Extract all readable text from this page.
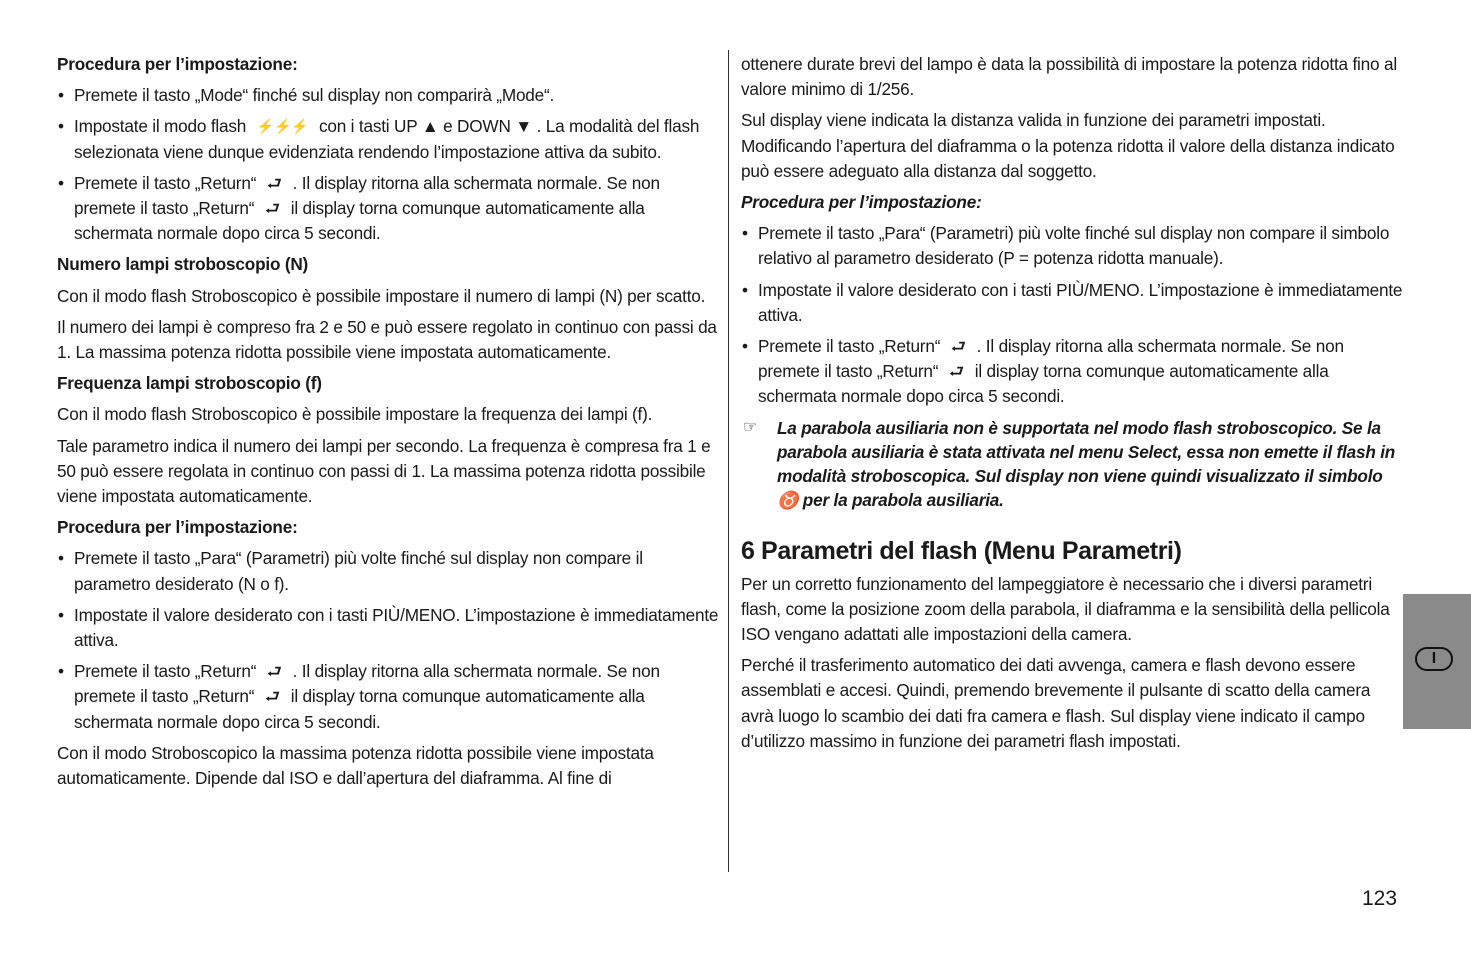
Procedura per l’impostazione:
• Premete il tasto „Mode“ finché sul display non comparirà „Mode“.
• Impostate il modo flash ⚡⚡⚡ con i tasti UP ▲ e DOWN ▼ . La modalità del flash selezionata viene dunque evidenziata rendendo l’impostazione attiva da subito.
• Premete il tasto „Return“ ⮐ . Il display ritorna alla schermata normale. Se non premete il tasto „Return“ ⮐ il display torna comunque automaticamente alla schermata normale dopo circa 5 secondi.
Numero lampi stroboscopio (N)
Con il modo flash Stroboscopico è possibile impostare il numero di lampi (N) per scatto.
Il numero dei lampi è compreso fra 2 e 50 e può essere regolato in continuo con passi da 1. La massima potenza ridotta possibile viene impostata automaticamente.
Frequenza lampi stroboscopio (f)
Con il modo flash Stroboscopico è possibile impostare la frequenza dei lampi (f).
Tale parametro indica il numero dei lampi per secondo. La frequenza è compresa fra 1 e 50 può essere regolata in continuo con passi di 1. La massima potenza ridotta possibile viene impostata automaticamente.
Procedura per l’impostazione:
• Premete il tasto „Para“ (Parametri) più volte finché sul display non compare il parametro desiderato (N o f).
• Impostate il valore desiderato con i tasti PIÙ/MENO. L’impostazione è immediatamente attiva.
• Premete il tasto „Return“ ⮐ . Il display ritorna alla schermata normale. Se non premete il tasto „Return“ ⮐ il display torna comunque automaticamente alla schermata normale dopo circa 5 secondi.
Con il modo Stroboscopico la massima potenza ridotta possibile viene impostata automaticamente. Dipende dal ISO e dall’apertura del diaframma. Al fine di
ottenere durate brevi del lampo è data la possibilità di impostare la potenza ridotta fino al valore minimo di 1/256.
Sul display viene indicata la distanza valida in funzione dei parametri impostati. Modificando l’apertura del diaframma o la potenza ridotta il valore della distanza indicato può essere adeguato alla distanza dal soggetto.
Procedura per l’impostazione:
• Premete il tasto „Para“ (Parametri) più volte finché sul display non compare il simbolo relativo al parametro desiderato (P = potenza ridotta manuale).
• Impostate il valore desiderato con i tasti PIÙ/MENO. L’impostazione è immediatamente attiva.
• Premete il tasto „Return“ ⮐ . Il display ritorna alla schermata normale. Se non premete il tasto „Return“ ⮐ il display torna comunque automaticamente alla schermata normale dopo circa 5 secondi.
☞ La parabola ausiliaria non è supportata nel modo flash stroboscopico. Se la parabola ausiliaria è stata attivata nel menu Select, essa non emette il flash in modalità stroboscopica. Sul display non viene quindi visualizzato il simbolo ♉ per la parabola ausiliaria.
6 Parametri del flash (Menu Parametri)
Per un corretto funzionamento del lampeggiatore è necessario che i diversi parametri flash, come la posizione zoom della parabola, il diaframma e la sensibilità della pellicola ISO vengano adattati alle impostazioni della camera.
Perché il trasferimento automatico dei dati avvenga, camera e flash devono essere assemblati e accesi. Quindi, premendo brevemente il pulsante di scatto della camera avrà luogo lo scambio dei dati fra camera e flash. Sul display viene indicato il campo d’utilizzo massimo in funzione dei parametri flash impostati.
I
123
